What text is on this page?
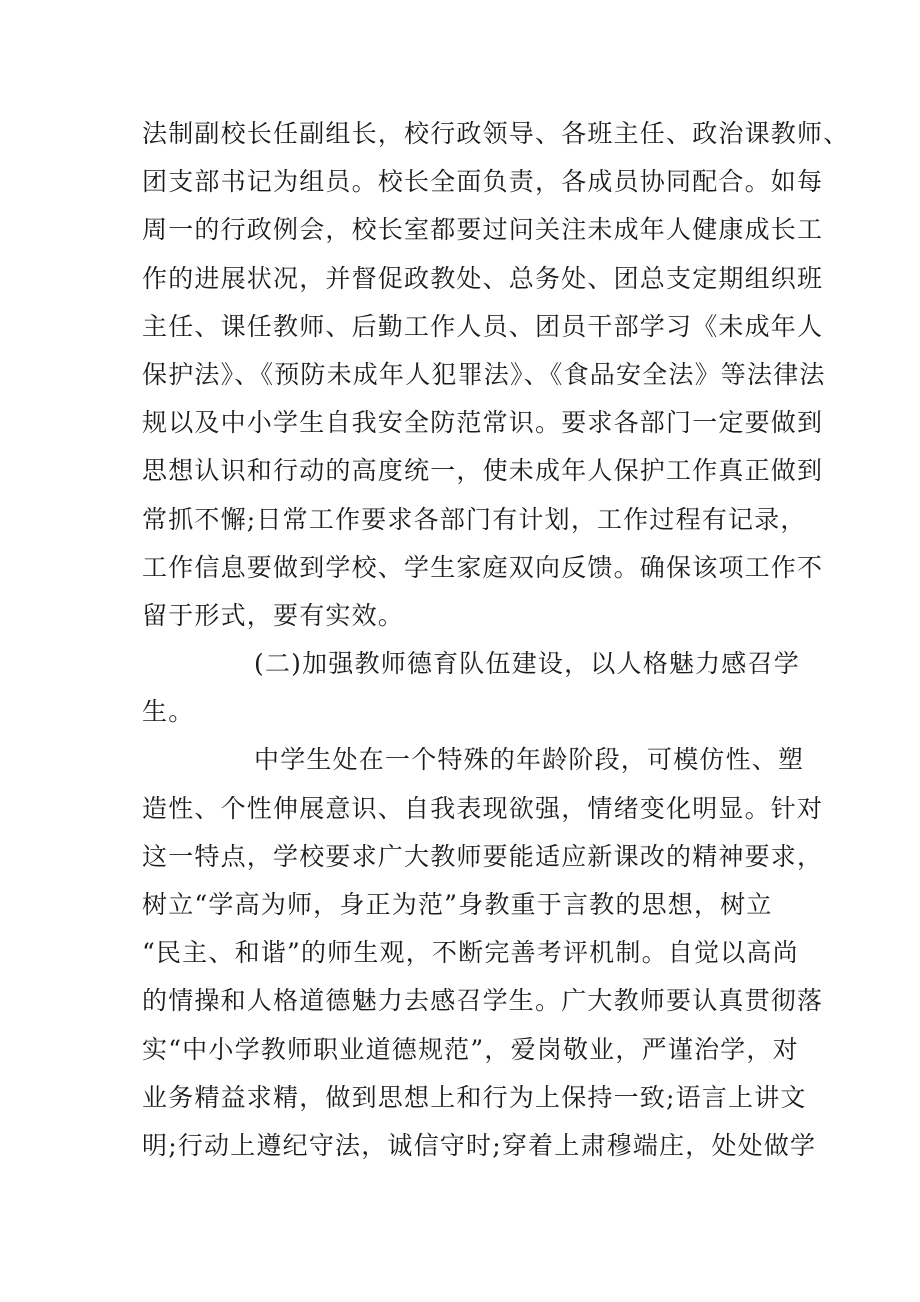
法制副校长任副组长，校行政领导、各班主任、政治课教师、
团支部书记为组员。校长全面负责，各成员协同配合。如每
周一的行政例会，校长室都要过问关注未成年人健康成长工
作的进展状况，并督促政教处、总务处、团总支定期组织班
主任、课任教师、后勤工作人员、团员干部学习《未成年人
保护法》、《预防未成年人犯罪法》、《食品安全法》等法律法
规以及中小学生自我安全防范常识。要求各部门一定要做到
思想认识和行动的高度统一，使未成年人保护工作真正做到
常抓不懈;日常工作要求各部门有计划，工作过程有记录，
工作信息要做到学校、学生家庭双向反馈。确保该项工作不
留于形式，要有实效。
(二)加强教师德育队伍建设，以人格魅力感召学
生。
中学生处在一个特殊的年龄阶段，可模仿性、塑
造性、个性伸展意识、自我表现欲强，情绪变化明显。针对
这一特点，学校要求广大教师要能适应新课改的精神要求，
树立“学高为师，身正为范”身教重于言教的思想，树立
“民主、和谐”的师生观，不断完善考评机制。自觉以高尚
的情操和人格道德魅力去感召学生。广大教师要认真贯彻落
实“中小学教师职业道德规范”，爱岗敬业，严谨治学，对
业务精益求精，做到思想上和行为上保持一致;语言上讲文
明;行动上遵纪守法，诚信守时;穿着上肃穆端庄，处处做学
